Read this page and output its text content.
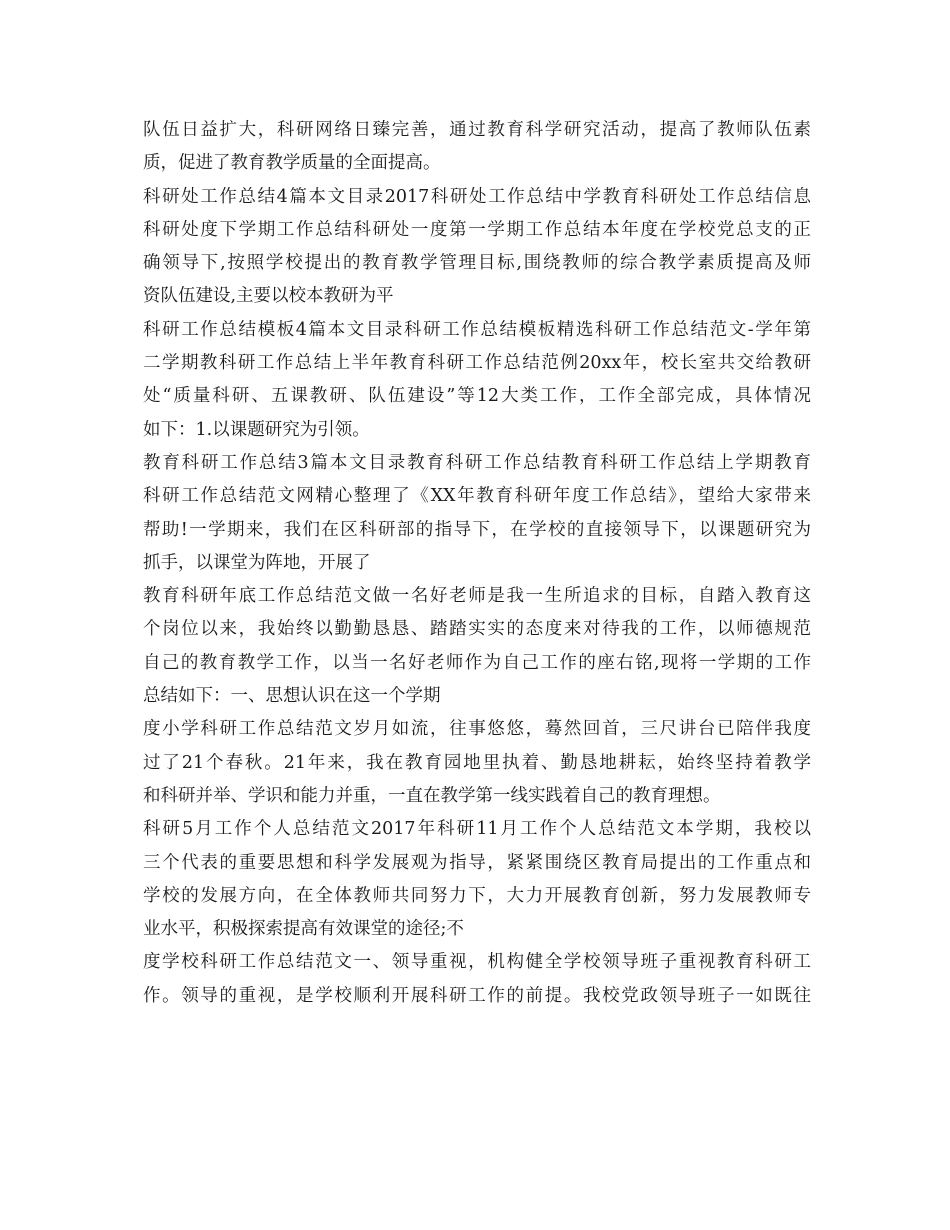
队伍日益扩大，科研网络日臻完善，通过教育科学研究活动，提高了教师队伍素
质，促进了教育教学质量的全面提高。
科研处工作总结4篇本文目录2017科研处工作总结中学教育科研处工作总结信息
科研处度下学期工作总结科研处一度第一学期工作总结本年度在学校党总支的正
确领导下,按照学校提出的教育教学管理目标,围绕教师的综合教学素质提高及师
资队伍建设,主要以校本教研为平
科研工作总结模板4篇本文目录科研工作总结模板精选科研工作总结范文-学年第
二学期教科研工作总结上半年教育科研工作总结范例20xx年，校长室共交给教研
处“质量科研、五课教研、队伍建设”等12大类工作，工作全部完成，具体情况
如下：1.以课题研究为引领。
教育科研工作总结3篇本文目录教育科研工作总结教育科研工作总结上学期教育
科研工作总结范文网精心整理了《XX年教育科研年度工作总结》，望给大家带来
帮助!一学期来，我们在区科研部的指导下，在学校的直接领导下，以课题研究为
抓手，以课堂为阵地，开展了
教育科研年底工作总结范文做一名好老师是我一生所追求的目标，自踏入教育这
个岗位以来，我始终以勤勤恳恳、踏踏实实的态度来对待我的工作，以师德规范
自己的教育教学工作，以当一名好老师作为自己工作的座右铭,现将一学期的工作
总结如下：一、思想认识在这一个学期
度小学科研工作总结范文岁月如流，往事悠悠，蓦然回首，三尺讲台已陪伴我度
过了21个春秋。21年来，我在教育园地里执着、勤恳地耕耘，始终坚持着教学
和科研并举、学识和能力并重，一直在教学第一线实践着自己的教育理想。
科研5月工作个人总结范文2017年科研11月工作个人总结范文本学期，我校以
三个代表的重要思想和科学发展观为指导，紧紧围绕区教育局提出的工作重点和
学校的发展方向，在全体教师共同努力下，大力开展教育创新，努力发展教师专
业水平，积极探索提高有效课堂的途径;不
度学校科研工作总结范文一、领导重视，机构健全学校领导班子重视教育科研工
作。领导的重视，是学校顺利开展科研工作的前提。我校党政领导班子一如既往
